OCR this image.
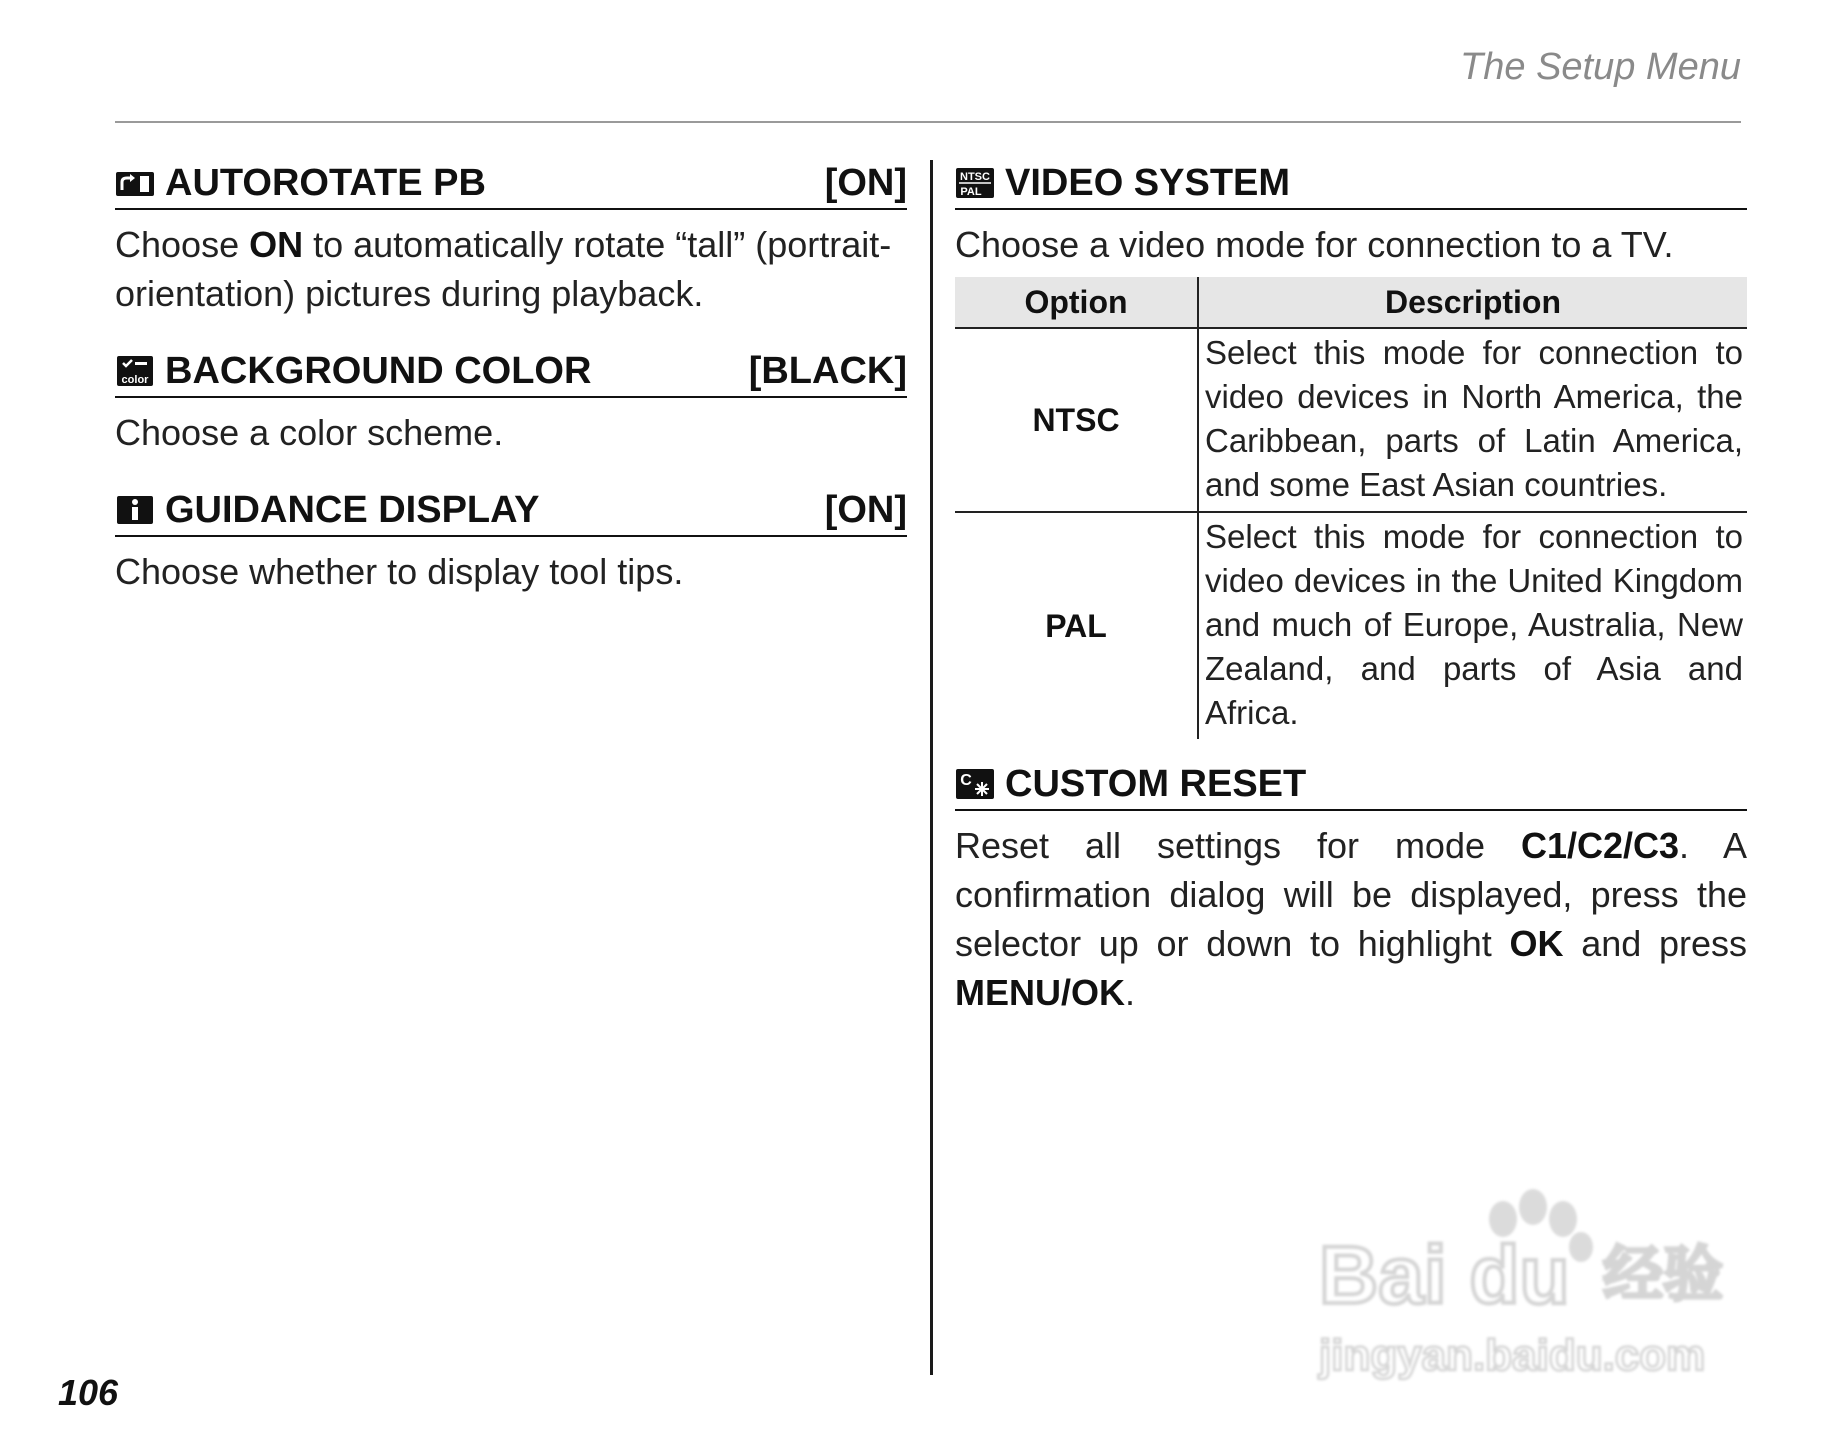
The Setup Menu
AUTOROTATE PB	[ON]
Choose ON to automatically rotate “tall” (portrait-orientation) pictures during playback.
color BACKGROUND COLOR	[BLACK]
Choose a color scheme.
GUIDANCE DISPLAY	[ON]
Choose whether to display tool tips.
NTSC
PAL VIDEO SYSTEM
Choose a video mode for connection to a TV.
Option	Description
NTSC	Select this mode for connection to video devices in North America, the Caribbean, parts of Latin America, and some East Asian countries.
PAL	Select this mode for connection to video devices in the United Kingdom and much of Europe, Australia, New Zealand, and parts of Asia and Africa.
C CUSTOM RESET
Reset all settings for mode C1/C2/C3. A confirmation dialog will be displayed, press the selector up or down to highlight OK and press MENU/OK.
106
Bai du 经验
jingyan.baidu.com
